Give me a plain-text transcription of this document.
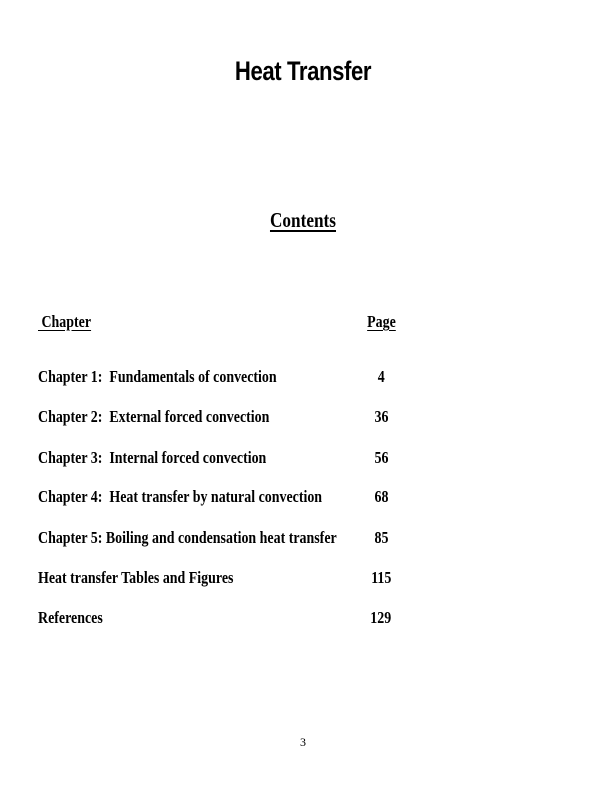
Heat Transfer
Contents
Chapter	Page
Chapter 1:  Fundamentals of convection	4
Chapter 2:  External forced convection	36
Chapter 3:  Internal forced convection	56
Chapter 4:  Heat transfer by natural convection	68
Chapter 5: Boiling and condensation heat transfer 85
Heat transfer Tables and Figures	115
References	129
3
